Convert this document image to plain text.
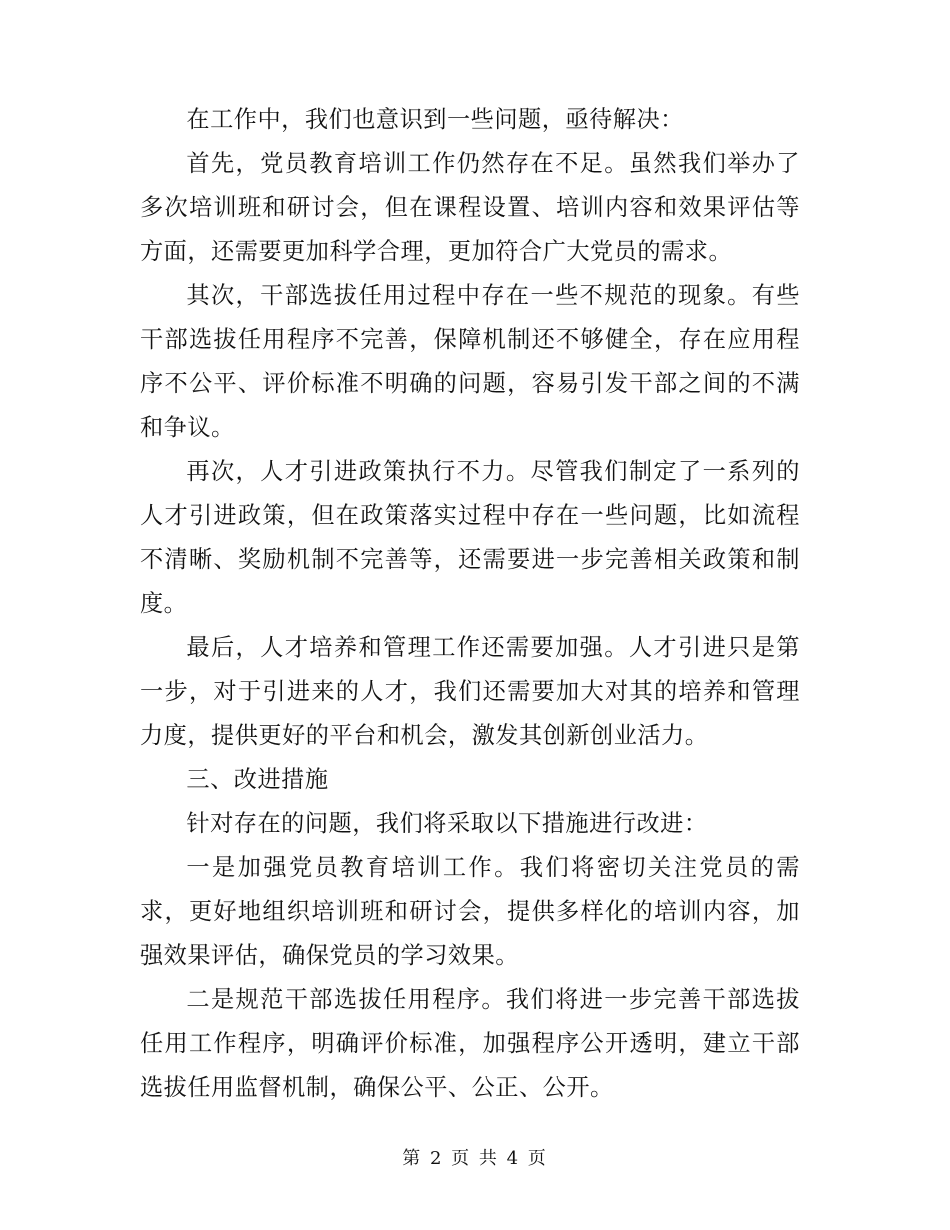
在工作中，我们也意识到一些问题，亟待解决：

首先，党员教育培训工作仍然存在不足。虽然我们举办了多次培训班和研讨会，但在课程设置、培训内容和效果评估等方面，还需要更加科学合理，更加符合广大党员的需求。

其次，干部选拔任用过程中存在一些不规范的现象。有些干部选拔任用程序不完善，保障机制还不够健全，存在应用程序不公平、评价标准不明确的问题，容易引发干部之间的不满和争议。

再次，人才引进政策执行不力。尽管我们制定了一系列的人才引进政策，但在政策落实过程中存在一些问题，比如流程不清晰、奖励机制不完善等，还需要进一步完善相关政策和制度。

最后，人才培养和管理工作还需要加强。人才引进只是第一步，对于引进来的人才，我们还需要加大对其的培养和管理力度，提供更好的平台和机会，激发其创新创业活力。

三、改进措施

针对存在的问题，我们将采取以下措施进行改进：

一是加强党员教育培训工作。我们将密切关注党员的需求，更好地组织培训班和研讨会，提供多样化的培训内容，加强效果评估，确保党员的学习效果。

二是规范干部选拔任用程序。我们将进一步完善干部选拔任用工作程序，明确评价标准，加强程序公开透明，建立干部选拔任用监督机制，确保公平、公正、公开。

第 2 页 共 4 页
